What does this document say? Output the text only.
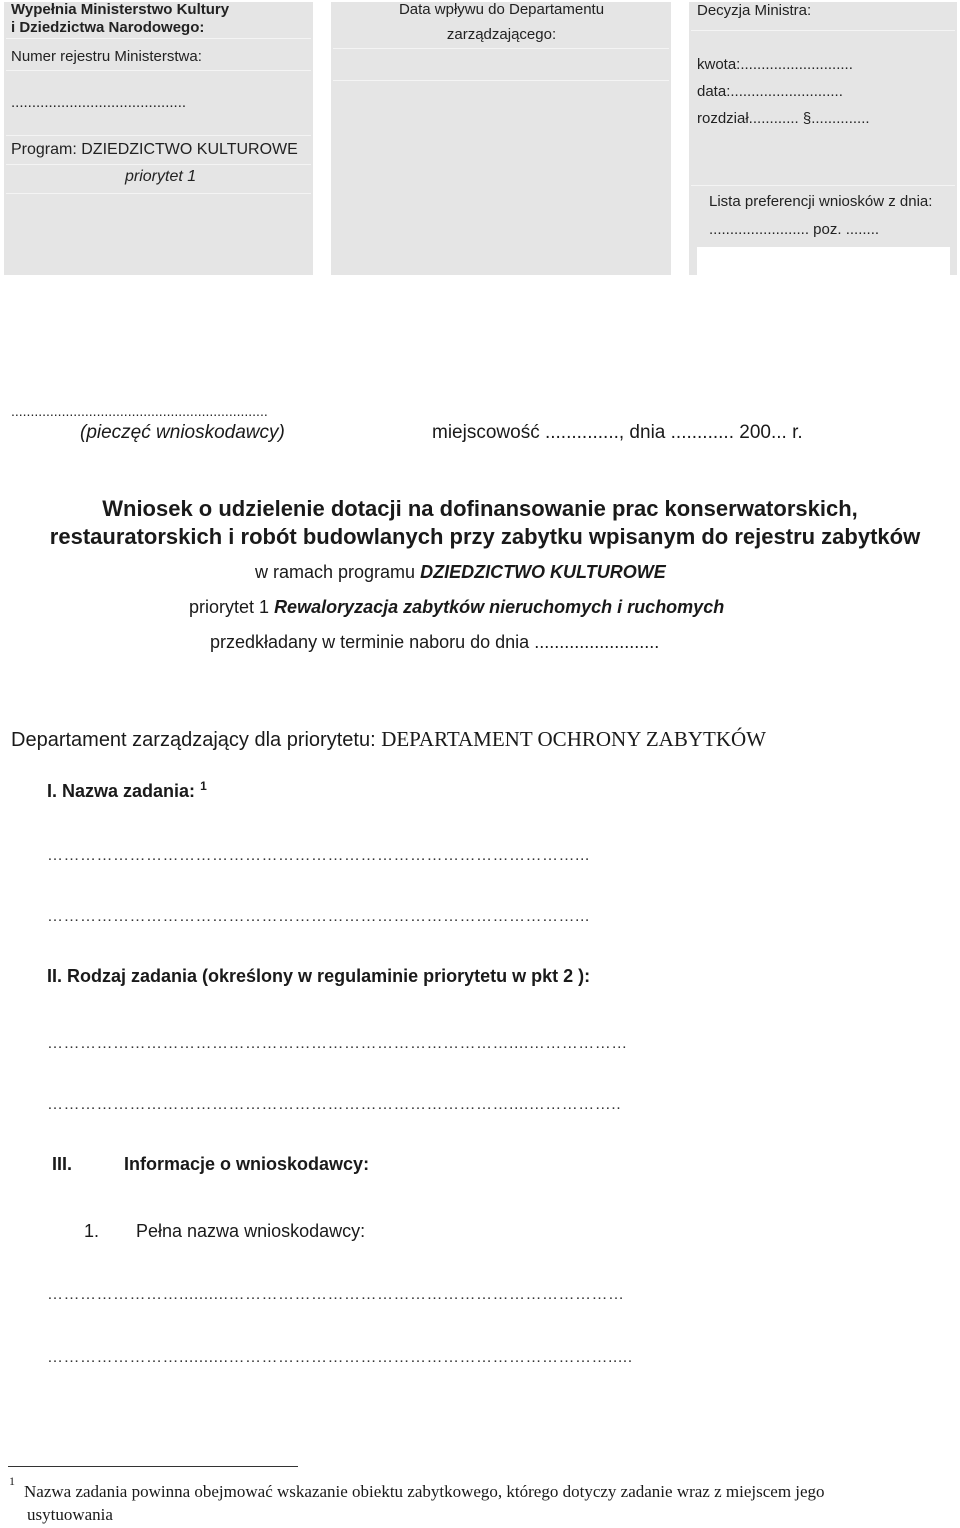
Wypełnia Ministerstwo Kultury
i Dziedzictwa Narodowego:
Numer rejestru Ministerstwa:
..........................................
Program: DZIEDZICTWO KULTUROWE
priorytet 1
Data wpływu do Departamentu
zarządzającego:
Decyzja Ministra:
kwota:...........................
data:...........................
rozdział............ §..............
Lista preferencji wniosków z dnia:
........................ poz. ........
..................................................................
(pieczęć wnioskodawcy)	miejscowość .............., dnia ............ 200... r.
Wniosek o udzielenie dotacji na dofinansowanie prac konserwatorskich,
restauratorskich i robót budowlanych przy zabytku wpisanym do rejestru zabytków
w ramach programu DZIEDZICTWO KULTUROWE
priorytet 1 Rewaloryzacja zabytków nieruchomych i ruchomych
przedkładany w terminie naboru do dnia .........................
Departament zarządzający dla priorytetu: DEPARTAMENT OCHRONY ZABYTKÓW
I. Nazwa zadania: $^1$
……………………………………………………………………………………...
……………………………………………………………………………………...
II. Rodzaj zadania (określony w regulaminie priorytetu w pkt 2 ):
…………………………………………………………………………....………………
…………………………………………………………………………....……………..
III.	Informacje o wnioskodawcy:
1. Pełna nazwa wnioskodawcy:
……………………..........………………………………………………………………
……………………..........…………………………………………………………….....
1
Nazwa zadania powinna obejmować wskazanie obiektu zabytkowego, którego dotyczy zadanie wraz z miejscem jego
usytuowania
